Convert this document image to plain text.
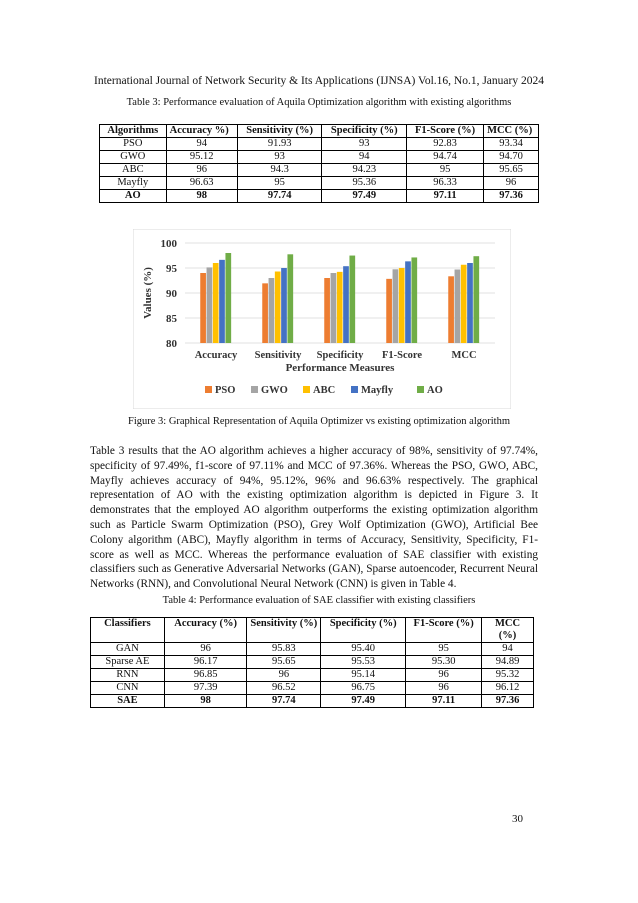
International Journal of Network Security & Its Applications (IJNSA) Vol.16, No.1, January 2024
Table 3: Performance evaluation of Aquila Optimization algorithm with existing algorithms
Algorithms	Accuracy %)	Sensitivity (%)	Specificity (%)	F1-Score (%)	MCC (%)
PSO	94	91.93	93	92.83	93.34
GWO	95.12	93	94	94.74	94.70
ABC	96	94.3	94.23	95	95.65
Mayfly	96.63	95	95.36	96.33	96
AO	98	97.74	97.49	97.11	97.36
80
85
90
95
100
Accuracy Sensitivity Specificity F1-Score	MCC
Performance Measures
Values (%)
PSO GWO ABC Mayfly	AO
Figure 3: Graphical Representation of Aquila Optimizer vs existing optimization algorithm
Table 3 results that the AO algorithm achieves a higher accuracy of 98%, sensitivity of 97.74%, specificity of 97.49%, f1-score of 97.11% and MCC of 97.36%. Whereas the PSO, GWO, ABC, Mayfly achieves accuracy of 94%, 95.12%, 96% and 96.63% respectively. The graphical representation of AO with the existing optimization algorithm is depicted in Figure 3. It demonstrates that the employed AO algorithm outperforms the existing optimization algorithm such as Particle Swarm Optimization (PSO), Grey Wolf Optimization (GWO), Artificial Bee Colony algorithm (ABC), Mayfly algorithm in terms of Accuracy, Sensitivity, Specificity, F1-score as well as MCC. Whereas the performance evaluation of SAE classifier with existing classifiers such as Generative Adversarial Networks (GAN), Sparse autoencoder, Recurrent Neural Networks (RNN), and Convolutional Neural Network (CNN) is given in Table 4.
Table 4: Performance evaluation of SAE classifier with existing classifiers
Classifiers	Accuracy (%)	Sensitivity (%)	Specificity (%)	F1-Score (%)	MCC (%)
GAN	96	95.83	95.40	95	94
Sparse AE	96.17	95.65	95.53	95.30	94.89
RNN	96.85	96	95.14	96	95.32
CNN	97.39	96.52	96.75	96	96.12
SAE	98	97.74	97.49	97.11	97.36
30
